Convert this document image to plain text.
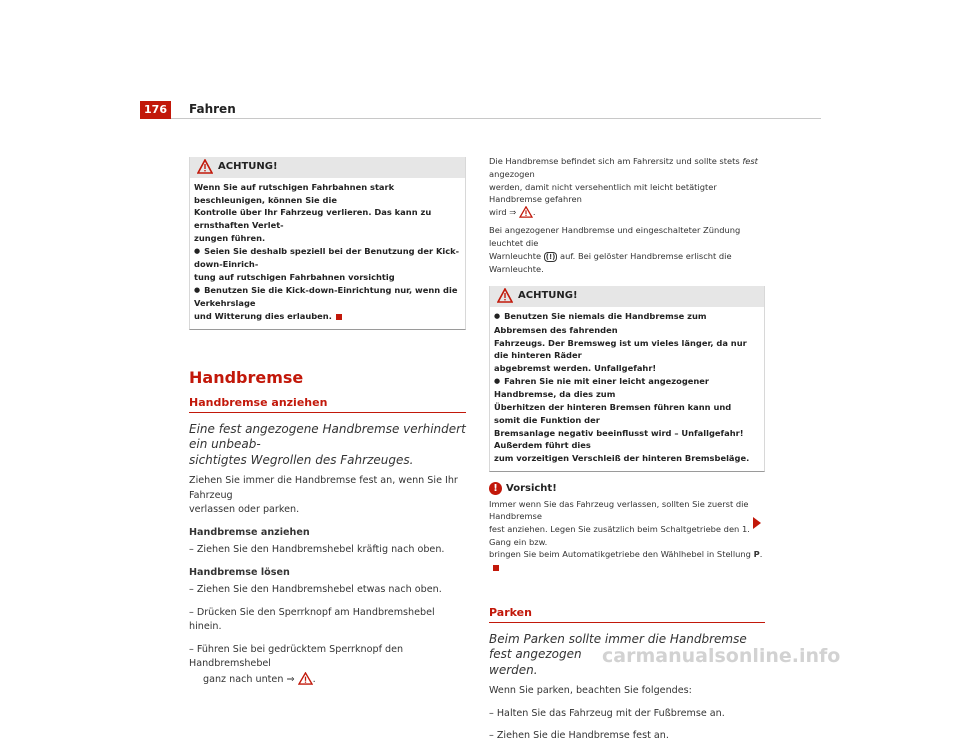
176	Fahren
ACHTUNG!

Wenn Sie auf rutschigen Fahrbahnen stark beschleunigen, können Sie die

Kontrolle über Ihr Fahrzeug verlieren. Das kann zu ernsthaften Verlet-

zungen führen.

● Seien Sie deshalb speziell bei der Benutzung der Kick-down-Einrich-

tung auf rutschigen Fahrbahnen vorsichtig

● Benutzen Sie die Kick-down-Einrichtung nur, wenn die Verkehrslage

und Witterung dies erlauben.

Handbremse
Handbremse anziehen
Eine fest angezogene Handbremse verhindert ein unbeab-
sichtigtes Wegrollen des Fahrzeuges.
Ziehen Sie immer die Handbremse fest an, wenn Sie Ihr Fahrzeug
verlassen oder parken.
Handbremse anziehen
– Ziehen Sie den Handbremshebel kräftig nach oben.
Handbremse lösen
– Ziehen Sie den Handbremshebel etwas nach oben.
– Drücken Sie den Sperrknopf am Handbremshebel hinein.
– Führen Sie bei gedrücktem Sperrknopf den Handbremshebel
ganz nach unten ⇒ .

Die Handbremse befindet sich am Fahrersitz und sollte stets fest angezogen
werden, damit nicht versehentlich mit leicht betätigter Handbremse gefahren
wird ⇒ .

Bei angezogener Handbremse und eingeschalteter Zündung leuchtet die
Warnleuchte (!) auf. Bei gelöster Handbremse erlischt die Warnleuchte.

ACHTUNG!

● Benutzen Sie niemals die Handbremse zum Abbremsen des fahrenden

Fahrzeugs. Der Bremsweg ist um vieles länger, da nur die hinteren Räder

abgebremst werden. Unfallgefahr!

● Fahren Sie nie mit einer leicht angezogener Handbremse, da dies zum

Überhitzen der hinteren Bremsen führen kann und somit die Funktion der

Bremsanlage negativ beeinflusst wird – Unfallgefahr! Außerdem führt dies

zum vorzeitigen Verschleiß der hinteren Bremsbeläge.

! Vorsicht!
Immer wenn Sie das Fahrzeug verlassen, sollten Sie zuerst die Handbremse
fest anziehen. Legen Sie zusätzlich beim Schaltgetriebe den 1. Gang ein bzw.
bringen Sie beim Automatikgetriebe den Wählhebel in Stellung P.
Parken
Beim Parken sollte immer die Handbremse fest angezogen
werden.
Wenn Sie parken, beachten Sie folgendes:
– Halten Sie das Fahrzeug mit der Fußbremse an.
– Ziehen Sie die Handbremse fest an.
carmanualsonline.info
